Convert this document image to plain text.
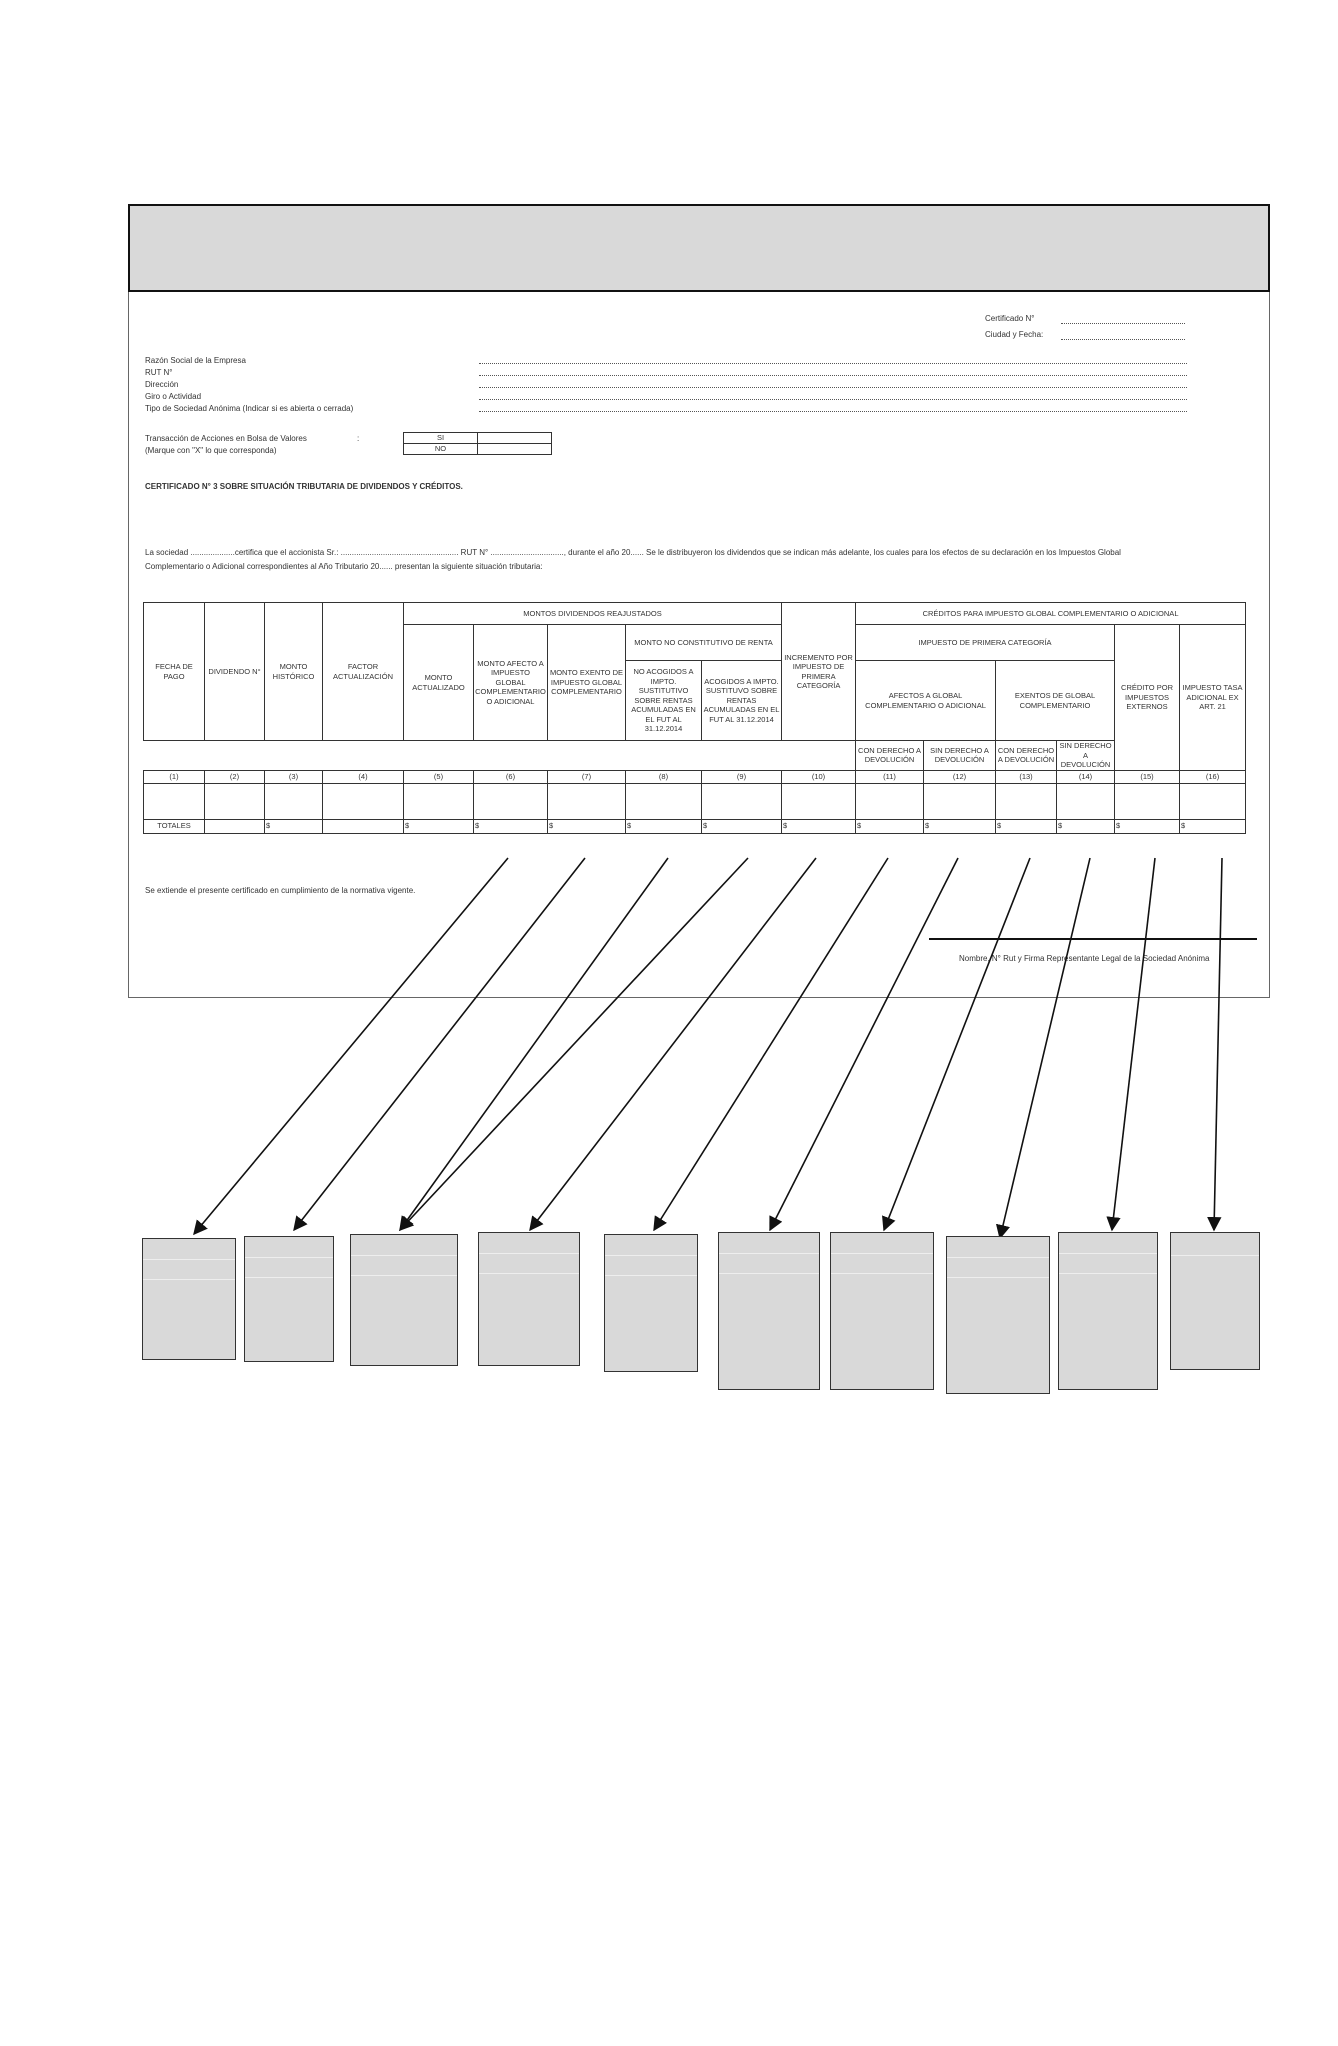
Certificado N°
Ciudad y Fecha:
Razón Social de la Empresa
RUT N°
Dirección
Giro o Actividad
Tipo de Sociedad Anónima (Indicar si es abierta o cerrada)
Transacción de Acciones en Bolsa de Valores	:
(Marque con "X" lo que corresponda)
SI	
NO	
CERTIFICADO N° 3 SOBRE SITUACIÓN TRIBUTARIA DE DIVIDENDOS Y CRÉDITOS.
La sociedad ....................certifica que el accionista Sr.: ..................................................... RUT N° ................................., durante el año 20...... Se le distribuyeron los dividendos que se indican más adelante, los cuales para los efectos de su declaración en los Impuestos Global
Complementario o Adicional correspondientes al Año Tributario 20...... presentan la siguiente situación tributaria:
FECHA DE PAGO	DIVIDENDO N°	MONTO HISTÓRICO	FACTOR ACTUALIZACIÓN	MONTOS DIVIDENDOS REAJUSTADOS					INCREMENTO POR IMPUESTO DE PRIMERA CATEGORÍA	CRÉDITOS PARA IMPUESTO GLOBAL COMPLEMENTARIO O ADICIONAL						
				MONTO ACTUALIZADO	MONTO AFECTO A IMPUESTO GLOBAL COMPLEMENTARIO O ADICIONAL	MONTO EXENTO DE IMPUESTO GLOBAL COMPLEMENTARIO	MONTO NO CONSTITUTIVO DE RENTA			IMPUESTO DE PRIMERA CATEGORÍA				CRÉDITO POR IMPUESTOS EXTERNOS	IMPUESTO TASA ADICIONAL EX ART. 21	
							NO ACOGIDOS A IMPTO. SUSTITUTIVO SOBRE RENTAS ACUMULADAS EN EL FUT AL 31.12.2014	ACOGIDOS A IMPTO. SUSTITUVO SOBRE RENTAS ACUMULADAS EN EL FUT AL 31.12.2014		AFECTOS A GLOBAL COMPLEMENTARIO O ADICIONAL		EXENTOS DE GLOBAL COMPLEMENTARIO				
										CON DERECHO A DEVOLUCIÓN	SIN DERECHO A DEVOLUCIÓN	CON DERECHO A DEVOLUCIÓN	SIN DERECHO A DEVOLUCIÓN			
(1)	(2)	(3)	(4)	(5)	(6)	(7)	(8)	(9)	(10)	(11)	(12)	(13)	(14)	(15)	(16)	

TOTALES		$		$	$	$	$	$	$	$	$	$	$	$	$	
Se extiende el presente certificado en cumplimiento de la normativa vigente.
Nombre, N° Rut y Firma Representante Legal de la Sociedad Anónima
